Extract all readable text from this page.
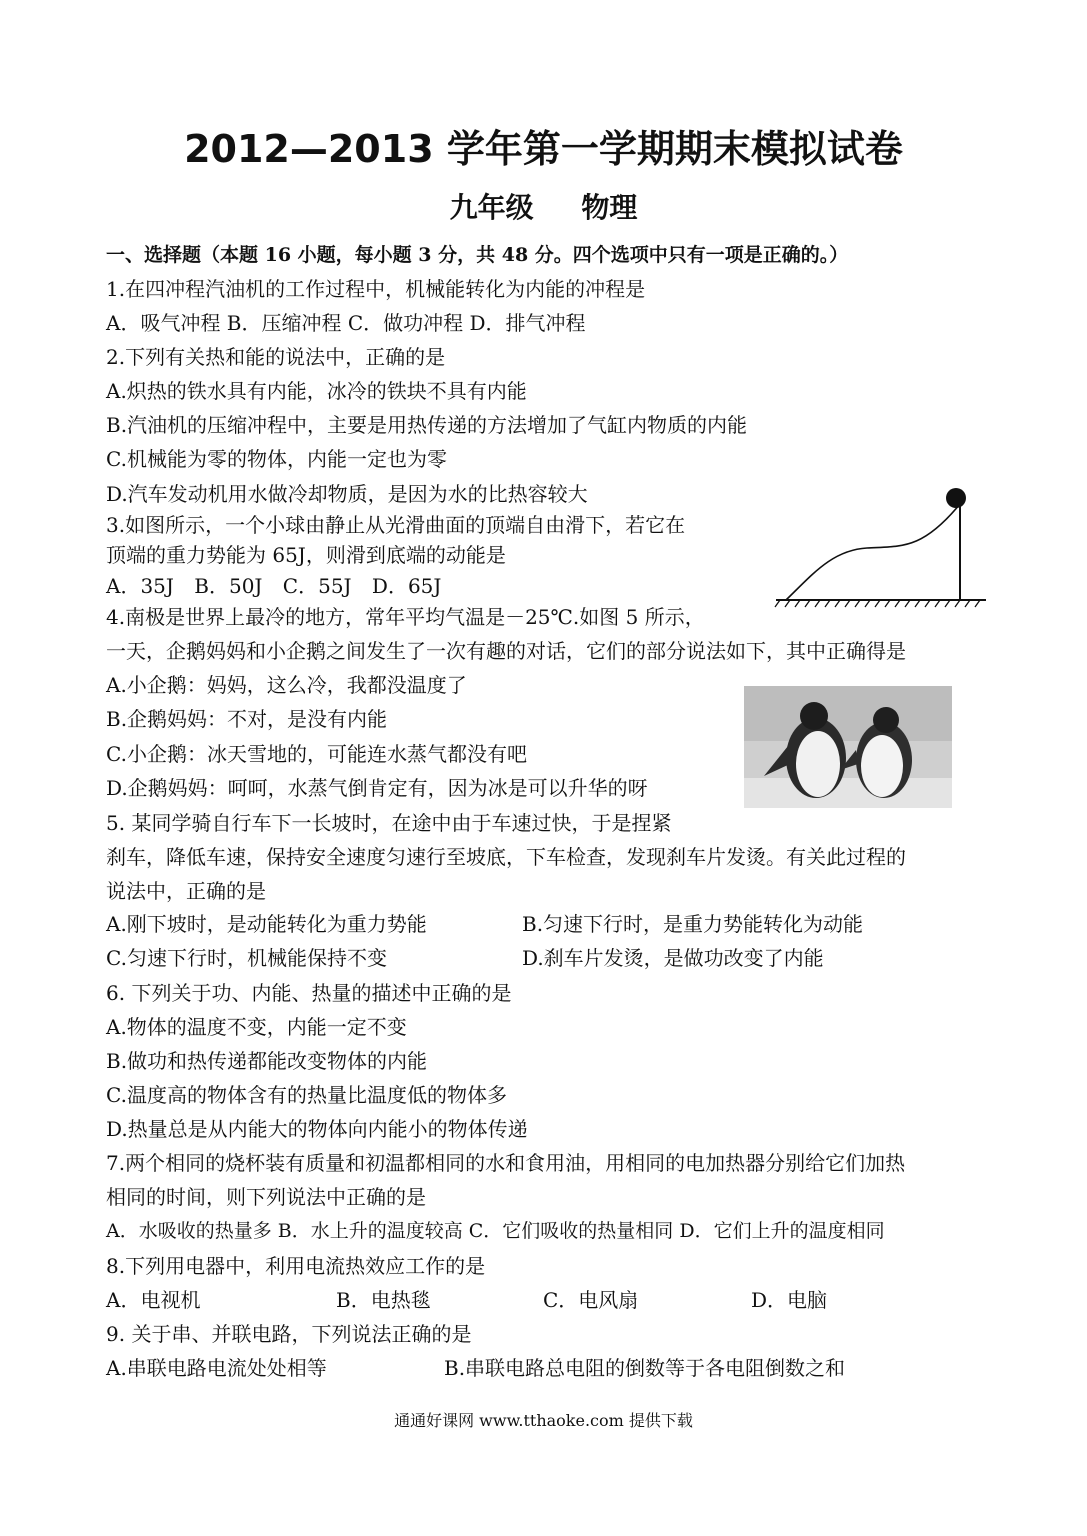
2012—2013 学年第一学期期末模拟试卷
九年级 物理
一、选择题（本题 16 小题，每小题 3 分，共 48 分。四个选项中只有一项是正确的。）
1.在四冲程汽油机的工作过程中，机械能转化为内能的冲程是
A．吸气冲程 B．压缩冲程 C．做功冲程 D．排气冲程
2.下列有关热和能的说法中，正确的是
A.炽热的铁水具有内能，冰冷的铁块不具有内能
B.汽油机的压缩冲程中，主要是用热传递的方法增加了气缸内物质的内能
C.机械能为零的物体，内能一定也为零
D.汽车发动机用水做冷却物质，是因为水的比热容较大
3.如图所示，一个小球由静止从光滑曲面的顶端自由滑下，若它在
顶端的重力势能为 65J，则滑到底端的动能是
A．35J B．50J C．55J D．65J
4.南极是世界上最冷的地方，常年平均气温是－25℃.如图 5 所示，
一天，企鹅妈妈和小企鹅之间发生了一次有趣的对话，它们的部分说法如下，其中正确得是
A.小企鹅：妈妈，这么冷，我都没温度了
B.企鹅妈妈：不对，是没有内能
C.小企鹅：冰天雪地的，可能连水蒸气都没有吧
D.企鹅妈妈：呵呵，水蒸气倒肯定有，因为冰是可以升华的呀
5. 某同学骑自行车下一长坡时，在途中由于车速过快，于是捏紧
刹车，降低车速，保持安全速度匀速行至坡底，下车检查，发现刹车片发烫。有关此过程的
说法中，正确的是
A.刚下坡时，是动能转化为重力势能	B.匀速下行时，是重力势能转化为动能
C.匀速下行时，机械能保持不变	D.刹车片发烫，是做功改变了内能
6. 下列关于功、内能、热量的描述中正确的是
A.物体的温度不变，内能一定不变
B.做功和热传递都能改变物体的内能
C.温度高的物体含有的热量比温度低的物体多
D.热量总是从内能大的物体向内能小的物体传递
7.两个相同的烧杯装有质量和初温都相同的水和食用油，用相同的电加热器分别给它们加热
相同的时间，则下列说法中正确的是
A．水吸收的热量多 B．水上升的温度较高 C．它们吸收的热量相同 D．它们上升的温度相同
8.下列用电器中，利用电流热效应工作的是
A．电视机	B．电热毯	C．电风扇	D．电脑
9. 关于串、并联电路，下列说法正确的是
A.串联电路电流处处相等	B.串联电路总电阻的倒数等于各电阻倒数之和
通通好课网 www.tthaoke.com 提供下载
